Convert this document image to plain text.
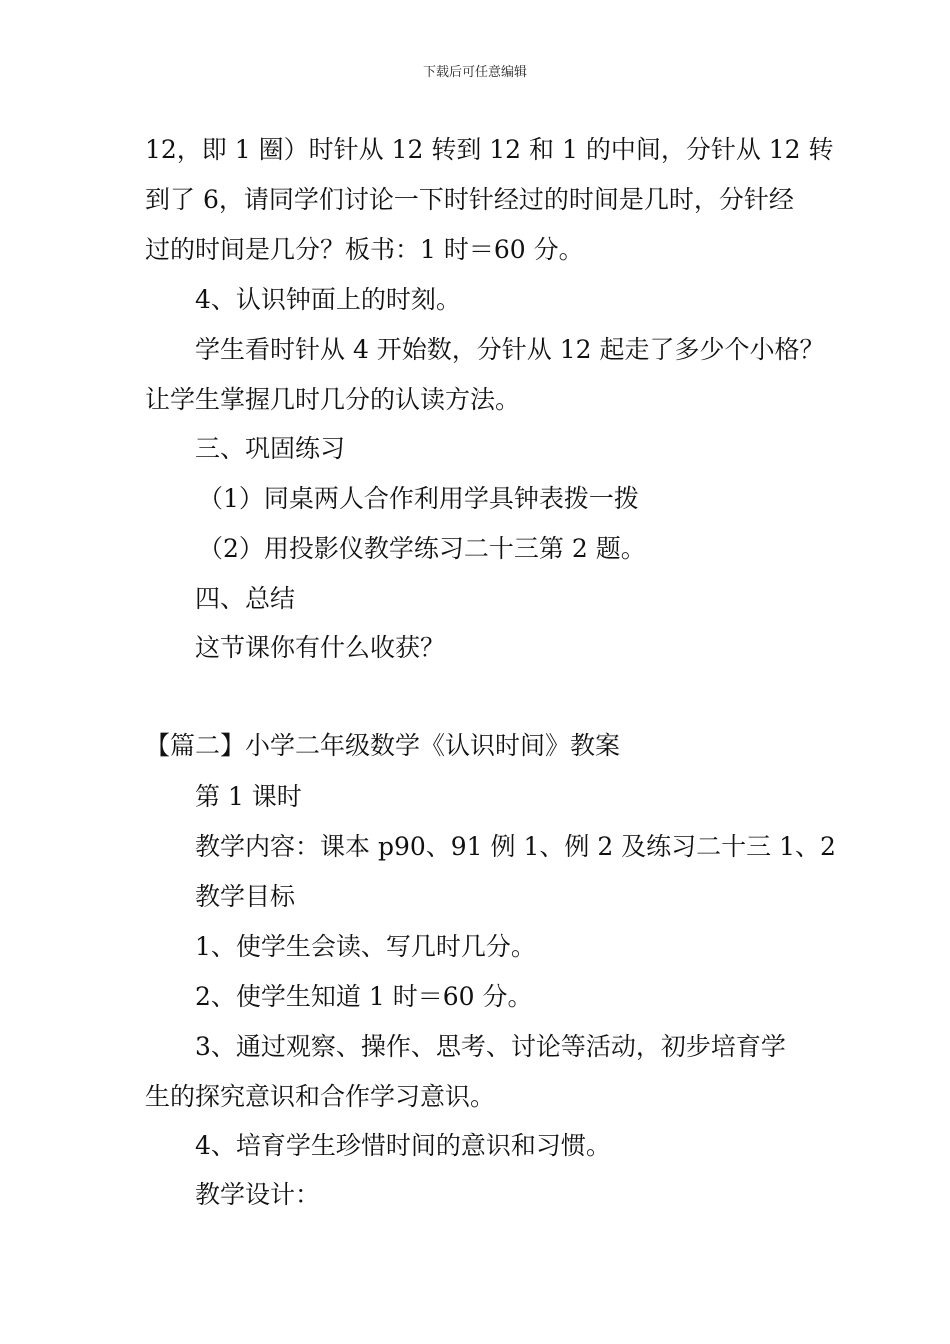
下载后可任意编辑
12，即 1 圈）时针从 12 转到 12 和 1 的中间，分针从 12 转
到了 6，请同学们讨论一下时针经过的时间是几时，分针经
过的时间是几分？板书：1 时＝60 分。
4、认识钟面上的时刻。
学生看时针从 4 开始数，分针从 12 起走了多少个小格？
让学生掌握几时几分的认读方法。
三、巩固练习
（1）同桌两人合作利用学具钟表拨一拨
（2）用投影仪教学练习二十三第 2 题。
四、总结
这节课你有什么收获？
【篇二】小学二年级数学《认识时间》教案
第 1 课时
教学内容：课本 p90、91 例 1、例 2 及练习二十三 1、2
教学目标
1、使学生会读、写几时几分。
2、使学生知道 1 时＝60 分。
3、通过观察、操作、思考、讨论等活动，初步培育学
生的探究意识和合作学习意识。
4、培育学生珍惜时间的意识和习惯。
教学设计：
